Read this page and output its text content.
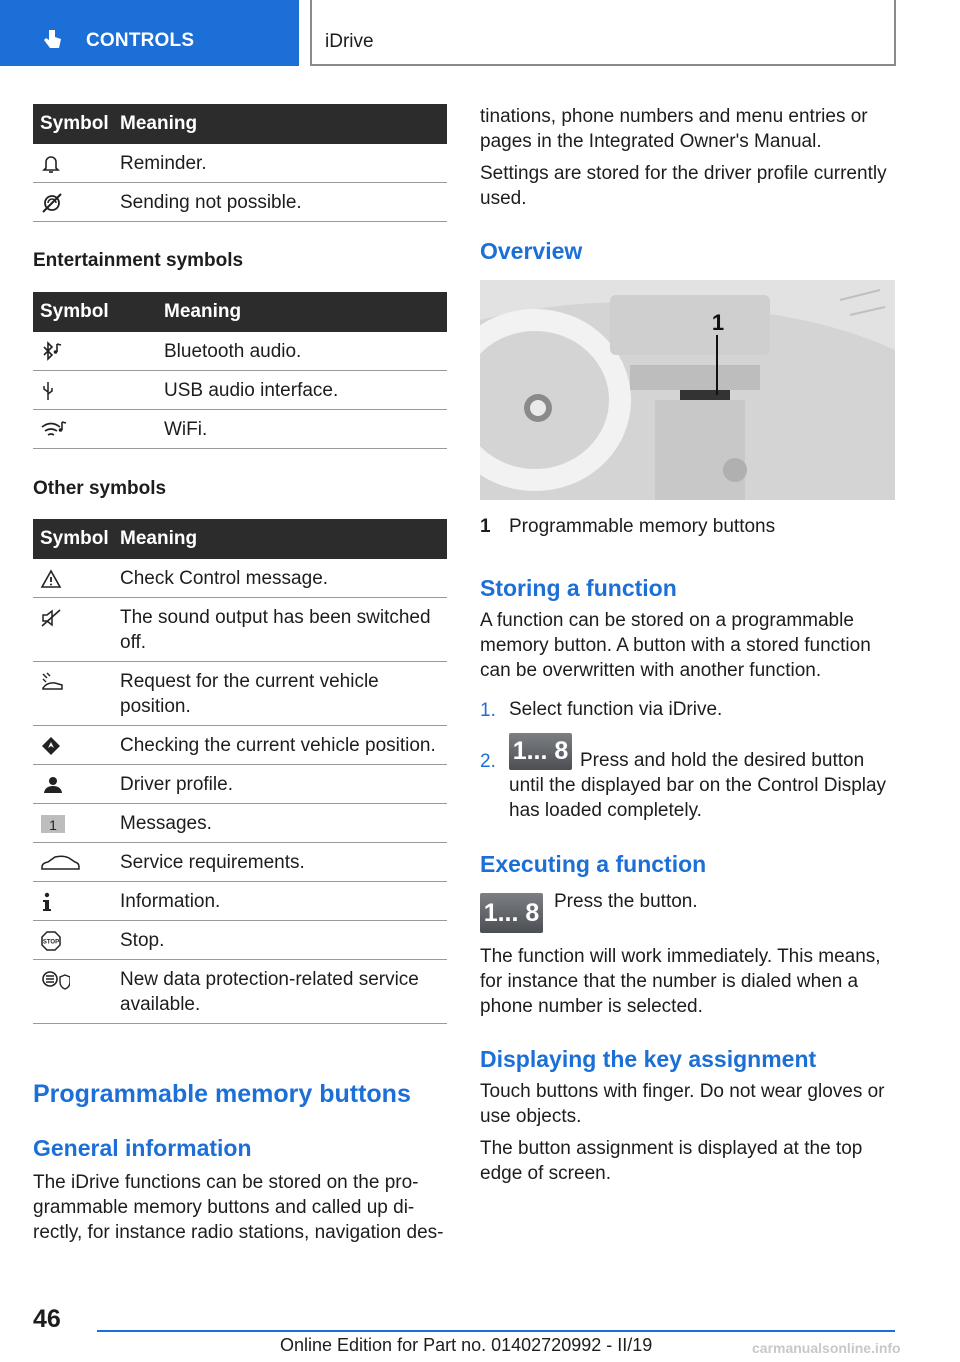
CONTROLS	iDrive
Symbol	Meaning

	Reminder.

	Sending not possible.
Entertainment symbols
Symbol	Meaning

	Bluetooth audio.

	USB audio interface.

	WiFi.
Other symbols
Symbol	Meaning

	Check Control message.

	The sound output has been switched off.

	Request for the current vehicle position.

	Checking the current vehicle position.

	Driver profile.

1	Messages.

	Service requirements.

	Information.

STOP	Stop.

	New data protection-related service available.
Programmable memory buttons
General information
The iDrive functions can be stored on the pro-grammable memory buttons and called up di-rectly, for instance radio stations, navigation des-
tinations, phone numbers and menu entries or pages in the Integrated Owner's Manual.
Settings are stored for the driver profile currently used.
Overview
1
1 Programmable memory buttons
Storing a function
A function can be stored on a programmable memory button. A button with a stored function can be overwritten with another function.
1. Select function via iDrive.
2. 1... 8 Press and hold the desired button until the displayed bar on the Control Display has loaded completely.
Executing a function
1... 8 Press the button.
The function will work immediately. This means, for instance that the number is dialed when a phone number is selected.
Displaying the key assignment
Touch buttons with finger. Do not wear gloves or use objects.
The button assignment is displayed at the top edge of screen.
46
Online Edition for Part no. 01402720992 - II/19	carmanualsonline.info
